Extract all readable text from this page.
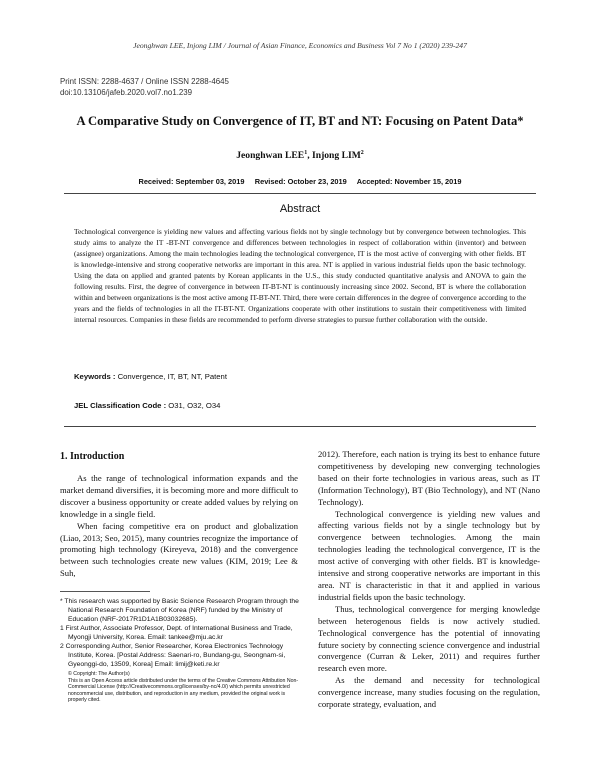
Jeonghwan LEE, Injong LIM / Journal of Asian Finance, Economics and Business Vol 7 No 1 (2020) 239-247
Print ISSN: 2288-4637 / Online ISSN 2288-4645
doi:10.13106/jafeb.2020.vol7.no1.239
A Comparative Study on Convergence of IT, BT and NT: Focusing on Patent Data*
Jeonghwan LEE$^1$, Injong LIM$^2$
Received: September 03, 2019     Revised: October 23, 2019     Accepted: November 15, 2019
Abstract
Technological convergence is yielding new values and affecting various fields not by single technology but by convergence between technologies. This study aims to analyze the IT -BT-NT convergence and differences between technologies in respect of collaboration within (inventor) and between (assignee) organizations. Among the main technologies leading the technological convergence, IT is the most active of converging with other fields. BT is knowledge-intensive and strong cooperative networks are important in this area. NT is applied in various industrial fields upon the basic technology. Using the data on applied and granted patents by Korean applicants in the U.S., this study conducted quantitative analysis and ANOVA to gain the following results. First, the degree of convergence in between IT-BT-NT is continuously increasing since 2002. Second, BT is where the collaboration within and between organizations is the most active among IT-BT-NT. Third, there were certain differences in the degree of convergence according to the years and the fields of technologies in all the IT-BT-NT. Organizations cooperate with other institutions to sustain their competitiveness with limited internal resources. Companies in these fields are recommended to perform diverse strategies to pursue further collaboration with the outside.
Keywords : Convergence, IT, BT, NT, Patent
JEL Classification Code : O31, O32, O34
1. Introduction

As the range of technological information expands and the market demand diversifies, it is becoming more and more difficult to discover a business opportunity or create added values by relying on knowledge in a single field.

When facing competitive era on product and globalization (Liao, 2013; Seo, 2015), many countries recognize the importance of promoting high technology (Kireyeva, 2018) and the convergence between such technologies create new values (KIM, 2019; Lee & Suh,

* This research was supported by Basic Science Research Program through the National Research Foundation of Korea (NRF) funded by the Ministry of Education (NRF-2017R1D1A1B03032685).

1 First Author, Associate Professor, Dept. of International Business and Trade, Myongji University, Korea. Email: tankee@mju.ac.kr

2 Corresponding Author, Senior Researcher, Korea Electronics Technology Institute, Korea. [Postal Address: Saenari-ro, Bundang-gu, Seongnam-si, Gyeonggi-do, 13509, Korea] Email: limij@keti.re.kr

© Copyright: The Author(s)

This is an Open Access article distributed under the terms of the Creative Commons Attribution Non-Commercial License (http://Creativecommons.org/licenses/by-nc/4.0/) which permits unrestricted noncommercial use, distribution, and reproduction in any medium, provided the original work is properly cited.

2012). Therefore, each nation is trying its best to enhance future competitiveness by developing new converging technologies based on their forte technologies in various areas, such as IT (Information Technology), BT (Bio Technology), and NT (Nano Technology).

Technological convergence is yielding new values and affecting various fields not by a single technology but by convergence between technologies. Among the main technologies leading the technological convergence, IT is the most active of converging with other fields. BT is knowledge-intensive and strong cooperative networks are important in this area. NT is characteristic in that it and applied in various industrial fields upon the basic technology.

Thus, technological convergence for merging knowledge between heterogenous fields is now actively studied. Technological convergence has the potential of innovating future society by connecting science convergence and industrial convergence (Curran & Leker, 2011) and requires further research even more.

As the demand and necessity for technological convergence increase, many studies focusing on the regulation, corporate strategy, evaluation, and
